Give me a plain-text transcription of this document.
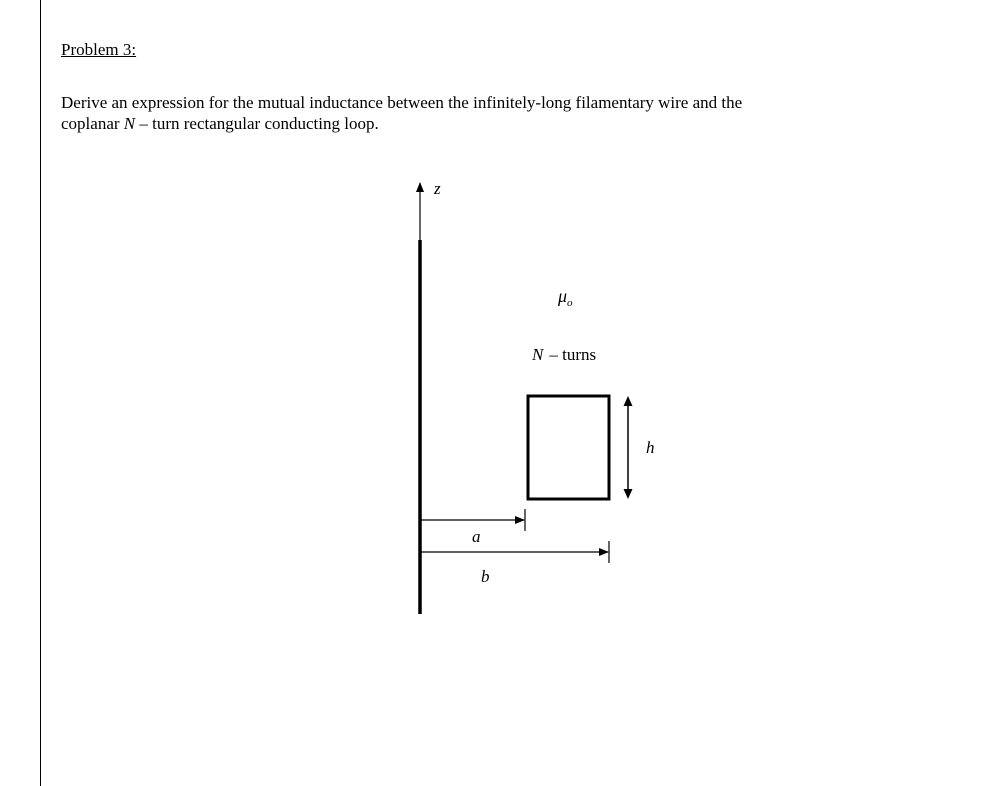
Problem 3:

Derive an expression for the mutual inductance between the infinitely-long filamentary wire and the
coplanar N – turn rectangular conducting loop.

z
$\mu_o$
N – turns
h
a
b
